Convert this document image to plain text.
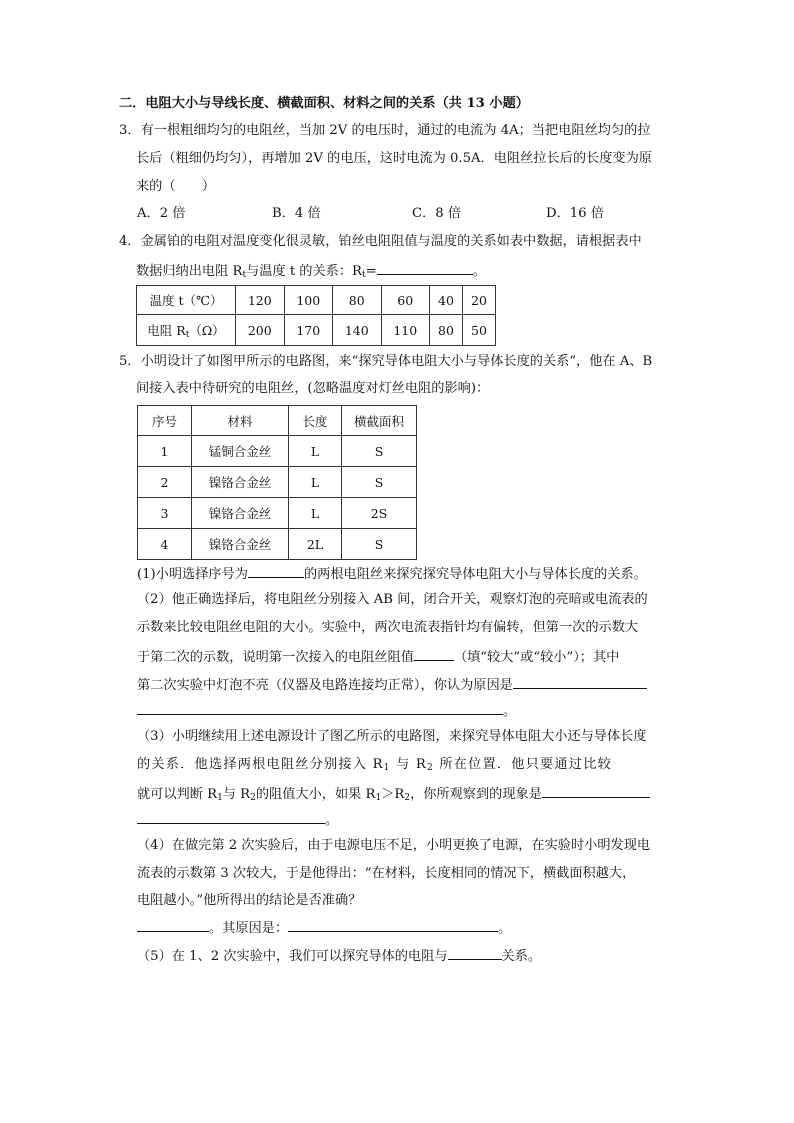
二．电阻大小与导线长度、横截面积、材料之间的关系（共 13 小题）
3．有一根粗细均匀的电阻丝，当加 2V 的电压时，通过的电流为 4A；当把电阻丝均匀的拉
长后（粗细仍均匀），再增加 2V 的电压，这时电流为 0.5A．电阻丝拉长后的长度变为原
来的（　　）
A．2 倍	B．4 倍	C．8 倍	D．16 倍
4．金属铂的电阻对温度变化很灵敏，铂丝电阻阻值与温度的关系如表中数据，请根据表中
数据归纳出电阻 $R_t$与温度 t 的关系：$R_t=$	。
温度 t（℃）	120	100	80	60	40	20
电阻 $R_t(\Omega)$	200	170	140	110	80	50
5．小明设计了如图甲所示的电路图，来“探究导体电阻大小与导体长度的关系”，他在 A、B
间接入表中待研究的电阻丝，(忽略温度对灯丝电阻的影响)：
序号	材料	长度	横截面积
1	锰铜合金丝	L	S
2	镍铬合金丝	L	S
3	镍铬合金丝	L	2S
4	镍铬合金丝	2L	S
(1)小明选择序号为	的两根电阻丝来探究探究导体电阻大小与导体长度的关系。
（2）他正确选择后，将电阻丝分别接入 AB 间，闭合开关，观察灯泡的亮暗或电流表的
示数来比较电阻丝电阻的大小。实验中，两次电流表指针均有偏转，但第一次的示数大
于第二次的示数，说明第一次接入的电阻丝阻值	（填“较大”或“较小”）；其中
第二次实验中灯泡不亮（仪器及电路连接均正常），你认为原因是
。
（3）小明继续用上述电源设计了图乙所示的电路图，来探究导体电阻大小还与导体长度
的关系．他选择两根电阻丝分别接入 $R_1$ 与 $R_2$ 所在位置．他只要通过比较
就可以判断 $R_1$与 $R_2$的阻值大小，如果 $R_1>R_2$，你所观察到的现象是
。
（4）在做完第 2 次实验后，由于电源电压不足，小明更换了电源，在实验时小明发现电
流表的示数第 3 次较大，于是他得出：“在材料，长度相同的情况下，横截面积越大，
电阻越小。”他所得出的结论是否准确？
。其原因是：	。
（5）在 1、2 次实验中，我们可以探究导体的电阻与	关系。
